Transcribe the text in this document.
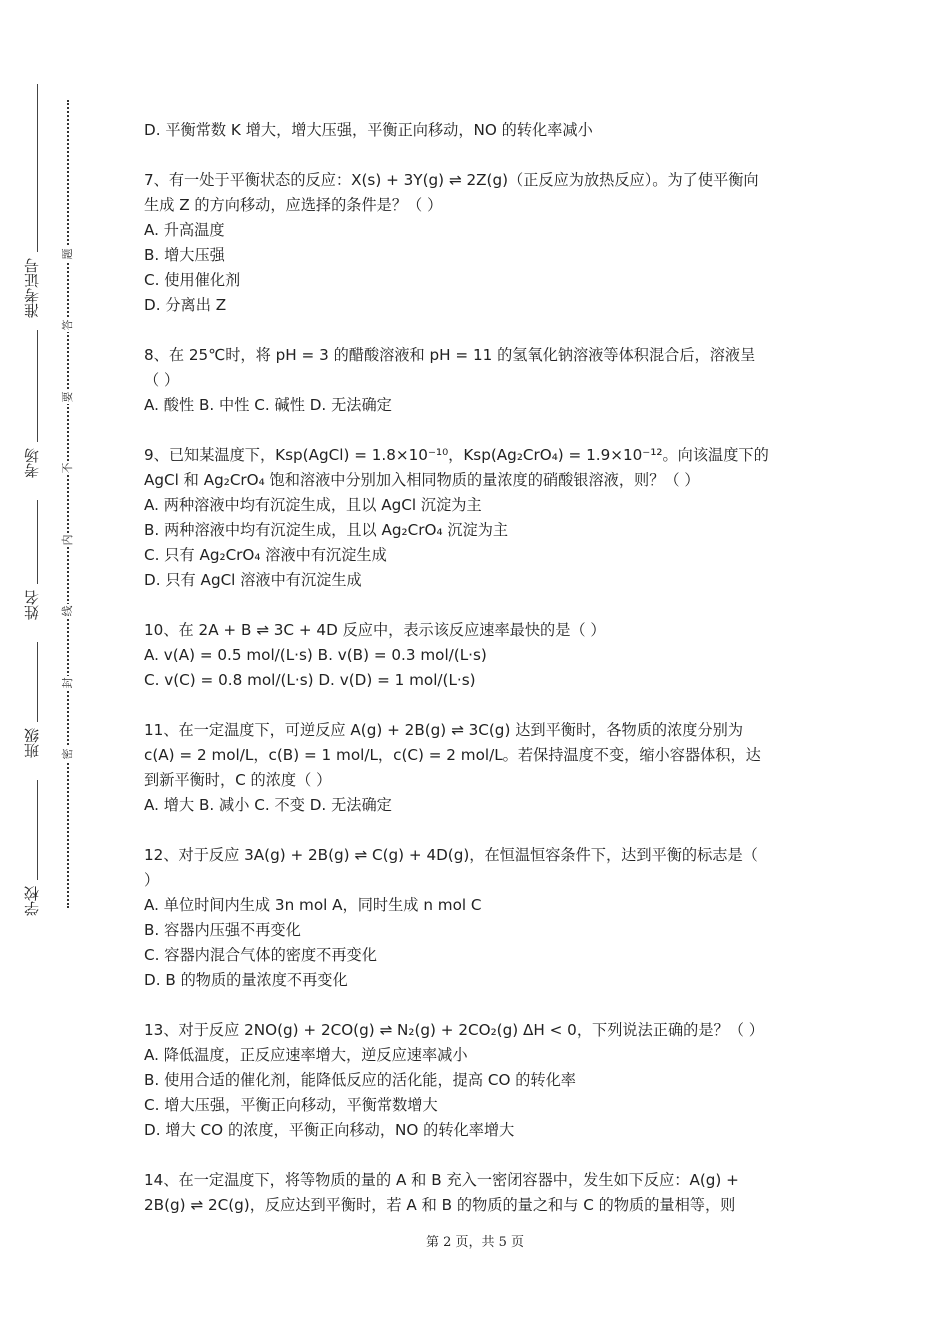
准考证号
考场
姓名
班级
学校
密
封
线
内
不
要
答
题
D. 平衡常数 K 增大，增大压强，平衡正向移动，NO 的转化率减小
7、有一处于平衡状态的反应：X(s) + 3Y(g) ⇌ 2Z(g)（正反应为放热反应）。为了使平衡向
生成 Z 的方向移动，应选择的条件是？（ ）
A. 升高温度
B. 增大压强
C. 使用催化剂
D. 分离出 Z
8、在 25℃时，将 pH = 3 的醋酸溶液和 pH = 11 的氢氧化钠溶液等体积混合后，溶液呈
（ ）
A. 酸性 B. 中性 C. 碱性 D. 无法确定
9、已知某温度下，Ksp(AgCl) = 1.8×10⁻¹⁰，Ksp(Ag₂CrO₄) = 1.9×10⁻¹²。向该温度下的
AgCl 和 Ag₂CrO₄ 饱和溶液中分别加入相同物质的量浓度的硝酸银溶液，则？（ ）
A. 两种溶液中均有沉淀生成，且以 AgCl 沉淀为主
B. 两种溶液中均有沉淀生成，且以 Ag₂CrO₄ 沉淀为主
C. 只有 Ag₂CrO₄ 溶液中有沉淀生成
D. 只有 AgCl 溶液中有沉淀生成
10、在 2A + B ⇌ 3C + 4D 反应中，表示该反应速率最快的是（ ）
A. v(A) = 0.5 mol/(L·s) B. v(B) = 0.3 mol/(L·s)
C. v(C) = 0.8 mol/(L·s) D. v(D) = 1 mol/(L·s)
11、在一定温度下，可逆反应 A(g) + 2B(g) ⇌ 3C(g) 达到平衡时，各物质的浓度分别为
c(A) = 2 mol/L，c(B) = 1 mol/L，c(C) = 2 mol/L。若保持温度不变，缩小容器体积，达
到新平衡时，C 的浓度（ ）
A. 增大 B. 减小 C. 不变 D. 无法确定
12、对于反应 3A(g) + 2B(g) ⇌ C(g) + 4D(g)，在恒温恒容条件下，达到平衡的标志是（
）
A. 单位时间内生成 3n mol A，同时生成 n mol C
B. 容器内压强不再变化
C. 容器内混合气体的密度不再变化
D. B 的物质的量浓度不再变化
13、对于反应 2NO(g) + 2CO(g) ⇌ N₂(g) + 2CO₂(g) ΔH < 0，下列说法正确的是？（ ）
A. 降低温度，正反应速率增大，逆反应速率减小
B. 使用合适的催化剂，能降低反应的活化能，提高 CO 的转化率
C. 增大压强，平衡正向移动，平衡常数增大
D. 增大 CO 的浓度，平衡正向移动，NO 的转化率增大
14、在一定温度下，将等物质的量的 A 和 B 充入一密闭容器中，发生如下反应：A(g) +
2B(g) ⇌ 2C(g)，反应达到平衡时，若 A 和 B 的物质的量之和与 C 的物质的量相等，则
第 2 页，共 5 页
